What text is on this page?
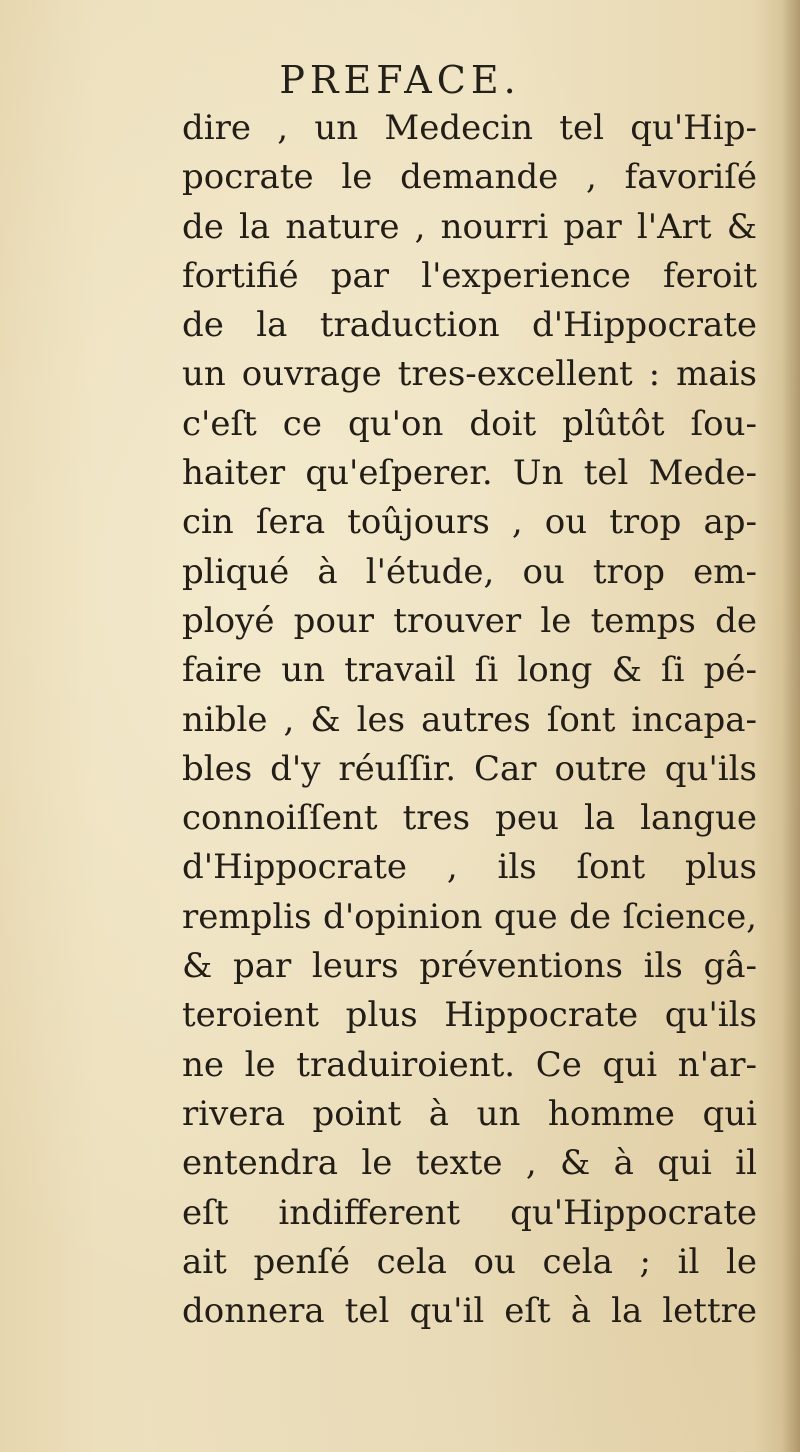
PREFACE.
dire , un Medecin tel qu'Hip-
pocrate le demande , favoriſé
de la nature , nourri par l'Art &
fortifié par l'experience feroit
de la traduction d'Hippocrate
un ouvrage tres-excellent : mais
c'eſt ce qu'on doit plûtôt ſou-
haiter qu'eſperer. Un tel Mede-
cin ſera toûjours , ou trop ap-
pliqué à l'étude, ou trop em-
ployé pour trouver le temps de
faire un travail ſi long & ſi pé-
nible , & les autres ſont incapa-
bles d'y réuſſir. Car outre qu'ils
connoiſſent tres peu la langue
d'Hippocrate , ils ſont plus
remplis d'opinion que de ſcience,
& par leurs préventions ils gâ-
teroient plus Hippocrate qu'ils
ne le traduiroient. Ce qui n'ar-
rivera point à un homme qui
entendra le texte , & à qui il
eſt indifferent qu'Hippocrate
ait penſé cela ou cela ; il le
donnera tel qu'il eſt à la lettre
